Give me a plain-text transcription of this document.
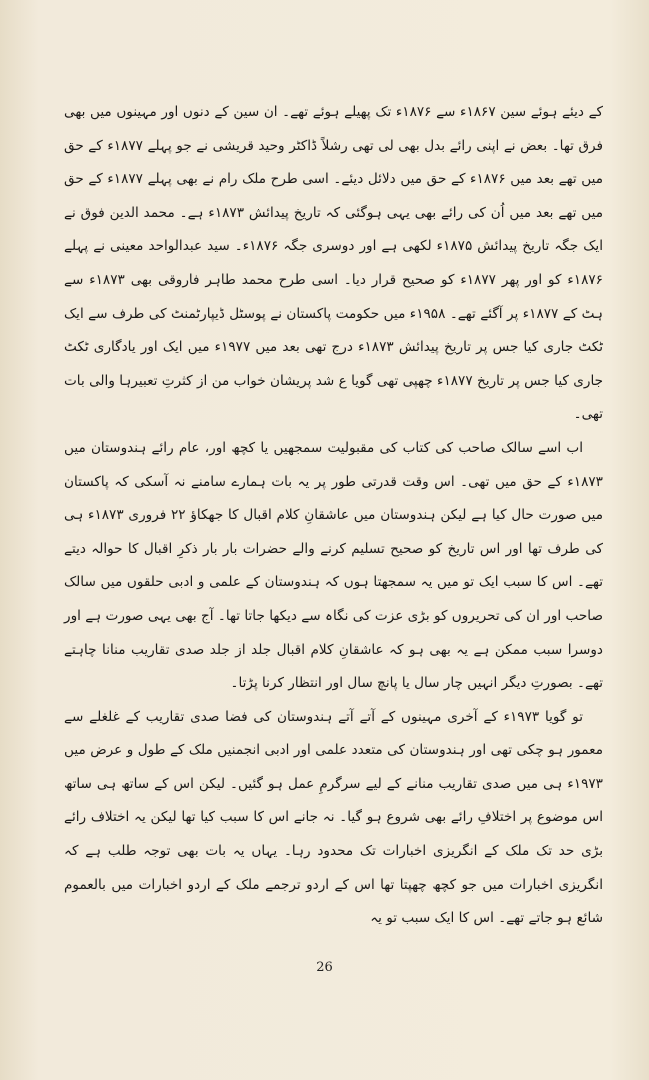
کے دیئے ہوئے سین ۱۸۶۷ء سے ۱۸۷۶ء تک پھیلے ہوئے تھے۔ ان سین کے دنوں اور مہینوں میں بھی فرق تھا۔ بعض نے اپنی رائے بدل بھی لی تھی رشلاً ڈاکٹر وحید قریشی نے جو پہلے ۱۸۷۷ء کے حق میں تھے بعد میں ۱۸۷۶ء کے حق میں دلائل دیئے۔ اسی طرح ملک رام نے بھی پہلے ۱۸۷۷ء کے حق میں تھے بعد میں اُن کی رائے بھی یہی ہوگئی کہ تاریخ پیدائش ۱۸۷۳ء ہے۔ محمد الدین فوق نے ایک جگہ تاریخ پیدائش ۱۸۷۵ء لکھی ہے اور دوسری جگہ ۱۸۷۶ء۔ سید عبدالواحد معینی نے پہلے ۱۸۷۶ء کو اور پھر ۱۸۷۷ء کو صحیح قرار دیا۔ اسی طرح محمد طاہر فاروقی بھی ۱۸۷۳ء سے ہٹ کے ۱۸۷۷ء پر آگئے تھے۔ ۱۹۵۸ء میں حکومت پاکستان نے پوسٹل ڈیپارٹمنٹ کی طرف سے ایک ٹکٹ جاری کیا جس پر تاریخ پیدائش ۱۸۷۳ء درج تھی بعد میں ۱۹۷۷ء میں ایک اور یادگاری ٹکٹ جاری کیا جس پر تاریخ ۱۸۷۷ء چھپی تھی گویا ع شد پریشان خواب من از کثرتِ تعبیرہا والی بات تھی۔

اب اسے سالک صاحب کی کتاب کی مقبولیت سمجھیں یا کچھ اور، عام رائے ہندوستان میں ۱۸۷۳ء کے حق میں تھی۔ اس وقت قدرتی طور پر یہ بات ہمارے سامنے نہ آسکی کہ پاکستان میں صورت حال کیا ہے لیکن ہندوستان میں عاشقانِ کلام اقبال کا جھکاؤ ۲۲ فروری ۱۸۷۳ء ہی کی طرف تھا اور اس تاریخ کو صحیح تسلیم کرنے والے حضرات بار بار ذکرِ اقبال کا حوالہ دیتے تھے۔ اس کا سبب ایک تو میں یہ سمجھتا ہوں کہ ہندوستان کے علمی و ادبی حلقوں میں سالک صاحب اور ان کی تحریروں کو بڑی عزت کی نگاہ سے دیکھا جاتا تھا۔ آج بھی یہی صورت ہے اور دوسرا سبب ممکن ہے یہ بھی ہو کہ عاشقانِ کلام اقبال جلد از جلد صدی تقاریب منانا چاہتے تھے۔ بصورتِ دیگر انہیں چار سال یا پانچ سال اور انتظار کرنا پڑتا۔

تو گویا ۱۹۷۳ء کے آخری مہینوں کے آتے آتے ہندوستان کی فضا صدی تقاریب کے غلغلے سے معمور ہو چکی تھی اور ہندوستان کی متعدد علمی اور ادبی انجمنیں ملک کے طول و عرض میں ۱۹۷۳ء ہی میں صدی تقاریب منانے کے لیے سرگرمِ عمل ہو گئیں۔ لیکن اس کے ساتھ ہی ساتھ اس موضوع پر اختلافِ رائے بھی شروع ہو گیا۔ نہ جانے اس کا سبب کیا تھا لیکن یہ اختلاف رائے بڑی حد تک ملک کے انگریزی اخبارات تک محدود رہا۔ یہاں یہ بات بھی توجہ طلب ہے کہ انگریزی اخبارات میں جو کچھ چھپتا تھا اس کے اردو ترجمے ملک کے اردو اخبارات میں بالعموم شائع ہو جاتے تھے۔ اس کا ایک سبب تو یہ

26
